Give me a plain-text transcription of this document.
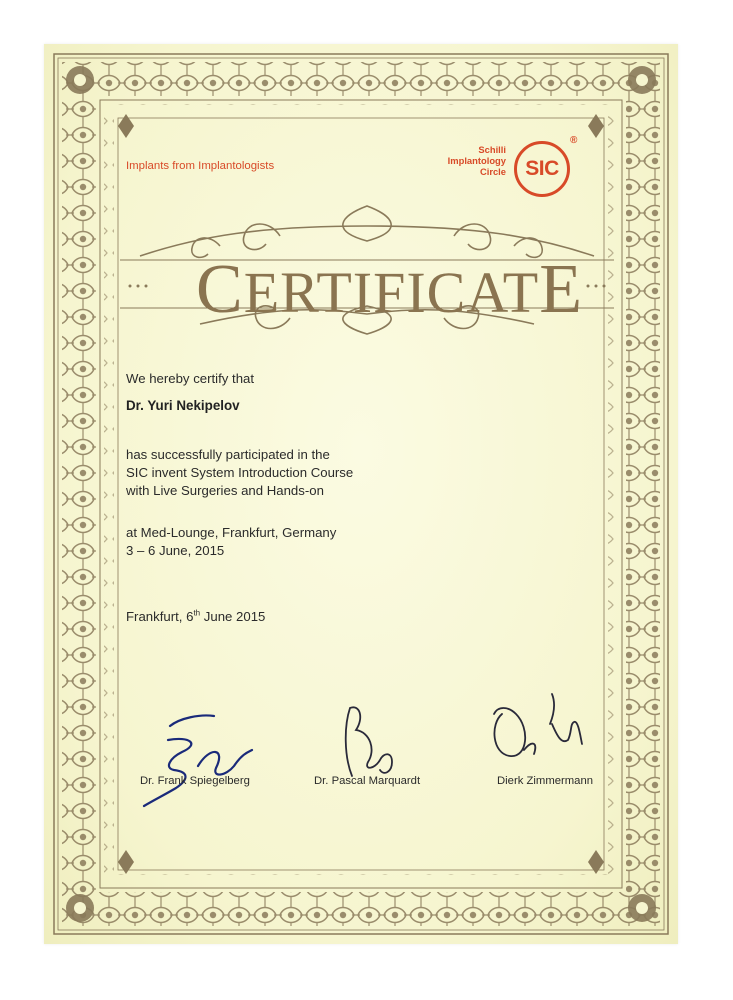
Implants from Implantologists
Schilli
Implantology
Circle SIC
®
CERTIFICATE
We hereby certify that
Dr. Yuri Nekipelov
has successfully participated in the
SIC invent System Introduction Course
with Live Surgeries and Hands-on
at Med-Lounge, Frankfurt, Germany
3 – 6 June, 2015
Frankfurt, 6th June 2015
Dr. Frank Spiegelberg	Dr. Pascal Marquardt	Dierk Zimmermann
